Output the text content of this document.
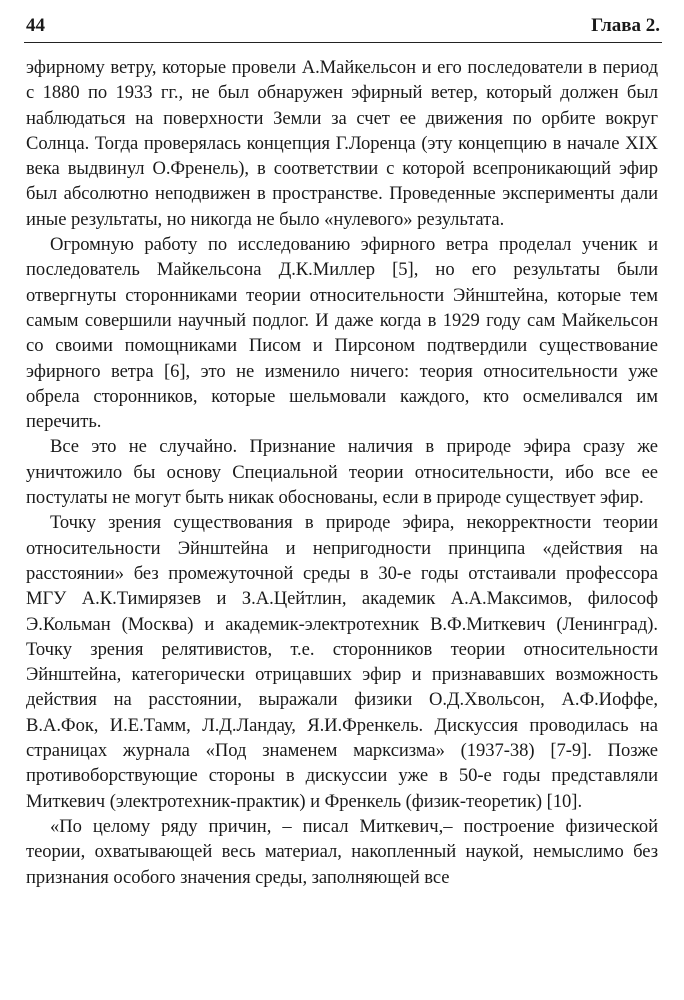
44	Глава 2.

эфирному ветру, которые провели А.Майкельсон и его последователи в период с 1880 по 1933 гг., не был обнаружен эфирный ветер, который должен был наблюдаться на поверхности Земли за счет ее движения по орбите вокруг Солнца. Тогда проверялась концепция Г.Лоренца (эту концепцию в начале XIX века выдвинул О.Френель), в соответствии с которой всепроникающий эфир был абсолютно неподвижен в пространстве. Проведенные эксперименты дали иные результаты, но никогда не было «нулевого» результата.

Огромную работу по исследованию эфирного ветра проделал ученик и последователь Майкельсона Д.К.Миллер [5], но его результаты были отвергнуты сторонниками теории относительности Эйнштейна, которые тем самым совершили научный подлог. И даже когда в 1929 году сам Майкельсон со своими помощниками Писом и Пирсоном подтвердили существование эфирного ветра [6], это не изменило ничего: теория относительности уже обрела сторонников, которые шельмовали каждого, кто осмеливался им перечить.

Все это не случайно. Признание наличия в природе эфира сразу же уничтожило бы основу Специальной теории относительности, ибо все ее постулаты не могут быть никак обоснованы, если в природе существует эфир.

Точку зрения существования в природе эфира, некорректности теории относительности Эйнштейна и непригодности принципа «действия на расстоянии» без промежуточной среды в 30-е годы отстаивали профессора МГУ А.К.Тимирязев и З.А.Цейтлин, академик А.А.Максимов, философ Э.Кольман (Москва) и академик-электротехник В.Ф.Миткевич (Ленинград). Точку зрения релятивистов, т.е. сторонников теории относительности Эйнштейна, категорически отрицавших эфир и признававших возможность действия на расстоянии, выражали физики О.Д.Хвольсон, А.Ф.Иоффе, В.А.Фок, И.Е.Тамм, Л.Д.Ландау, Я.И.Френкель. Дискуссия проводилась на страницах журнала «Под знаменем марксизма» (1937-38) [7-9]. Позже противоборствующие стороны в дискуссии уже в 50-е годы представляли Миткевич (электротехник-практик) и Френкель (физик-теоретик) [10].

«По целому ряду причин, – писал Миткевич,– построение физической теории, охватывающей весь материал, накопленный наукой, немыслимо без признания особого значения среды, заполняющей все
